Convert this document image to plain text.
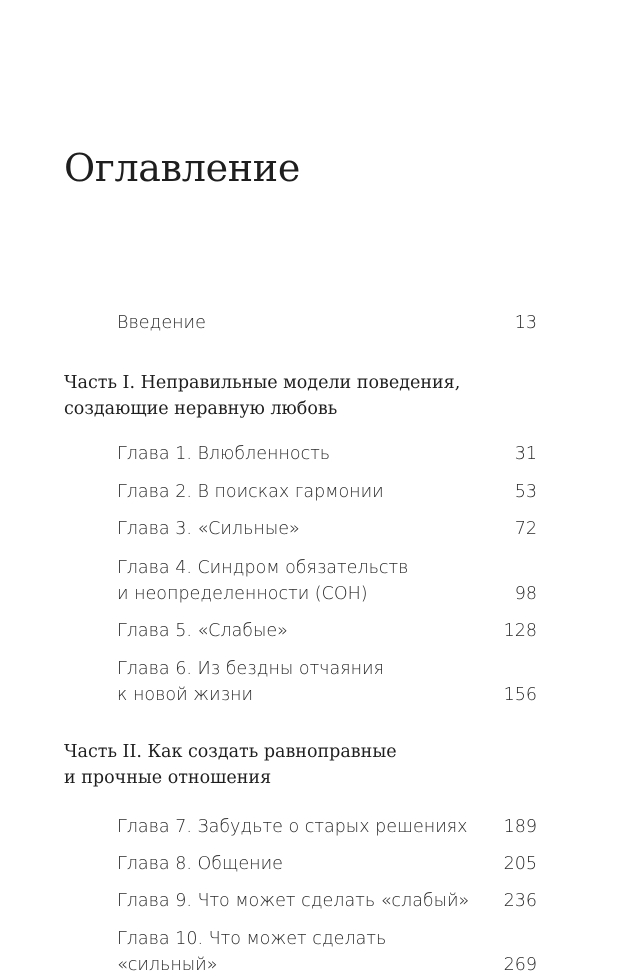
Оглавление
Введение	13
Часть I. Неправильные модели поведения,
создающие неравную любовь
Глава 1. Влюбленность	31
Глава 2. В поисках гармонии	53
Глава 3. «Сильные»	72
Глава 4. Синдром обязательств
и неопределенности (СОН)	98
Глава 5. «Слабые»	128
Глава 6. Из бездны отчаяния
к новой жизни	156
Часть II. Как создать равноправные
и прочные отношения
Глава 7. Забудьте о старых решениях	189
Глава 8. Общение	205
Глава 9. Что может сделать «слабый»	236
Глава 10. Что может сделать «сильный»	269
